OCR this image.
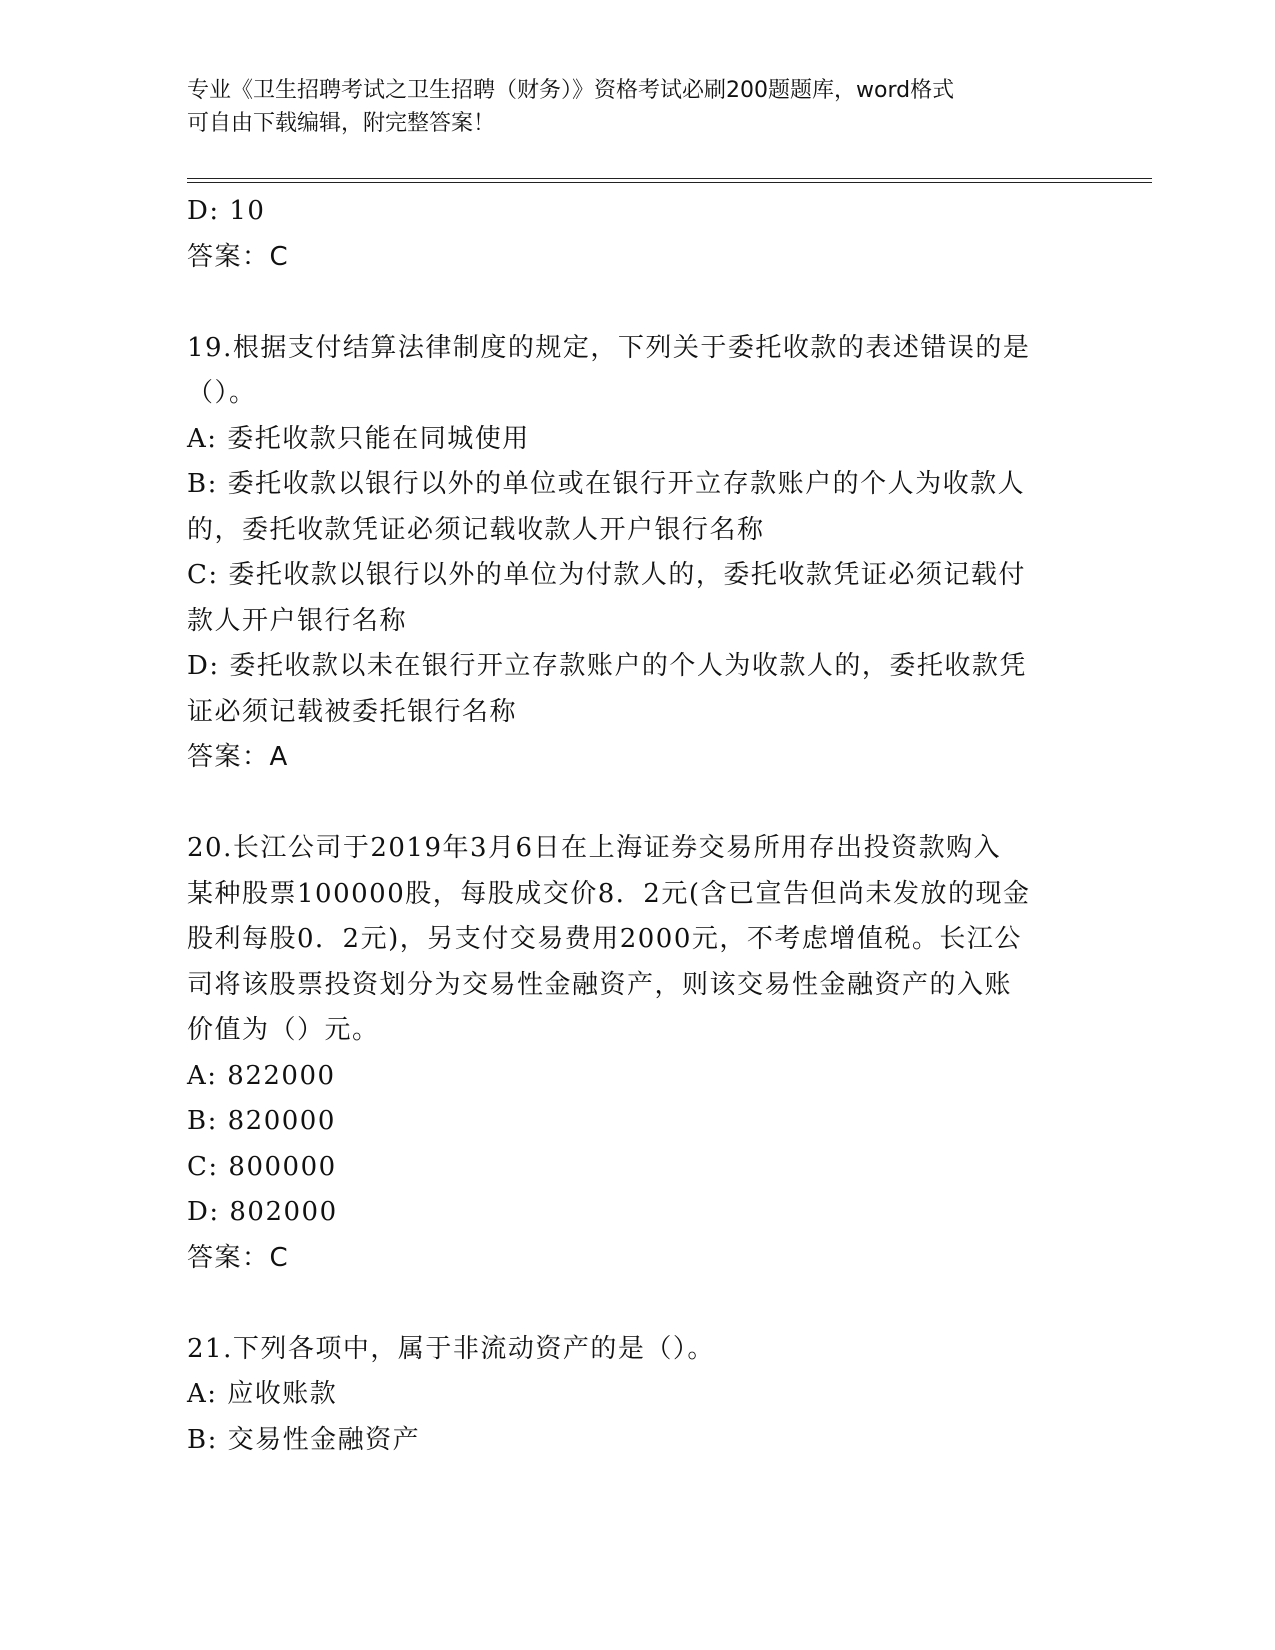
专业《卫生招聘考试之卫生招聘（财务）》资格考试必刷200题题库，word格式
可自由下载编辑，附完整答案！
D: 10
答案：C
19.根据支付结算法律制度的规定，下列关于委托收款的表述错误的是
（）。
A: 委托收款只能在同城使用
B: 委托收款以银行以外的单位或在银行开立存款账户的个人为收款人
的，委托收款凭证必须记载收款人开户银行名称
C: 委托收款以银行以外的单位为付款人的，委托收款凭证必须记载付
款人开户银行名称
D: 委托收款以未在银行开立存款账户的个人为收款人的，委托收款凭
证必须记载被委托银行名称
答案：A
20.长江公司于2019年3月6日在上海证券交易所用存出投资款购入
某种股票100000股，每股成交价8．2元(含已宣告但尚未发放的现金
股利每股0．2元)，另支付交易费用2000元，不考虑增值税。长江公
司将该股票投资划分为交易性金融资产，则该交易性金融资产的入账
价值为（）元。
A: 822000
B: 820000
C: 800000
D: 802000
答案：C
21.下列各项中，属于非流动资产的是（）。
A: 应收账款
B: 交易性金融资产
